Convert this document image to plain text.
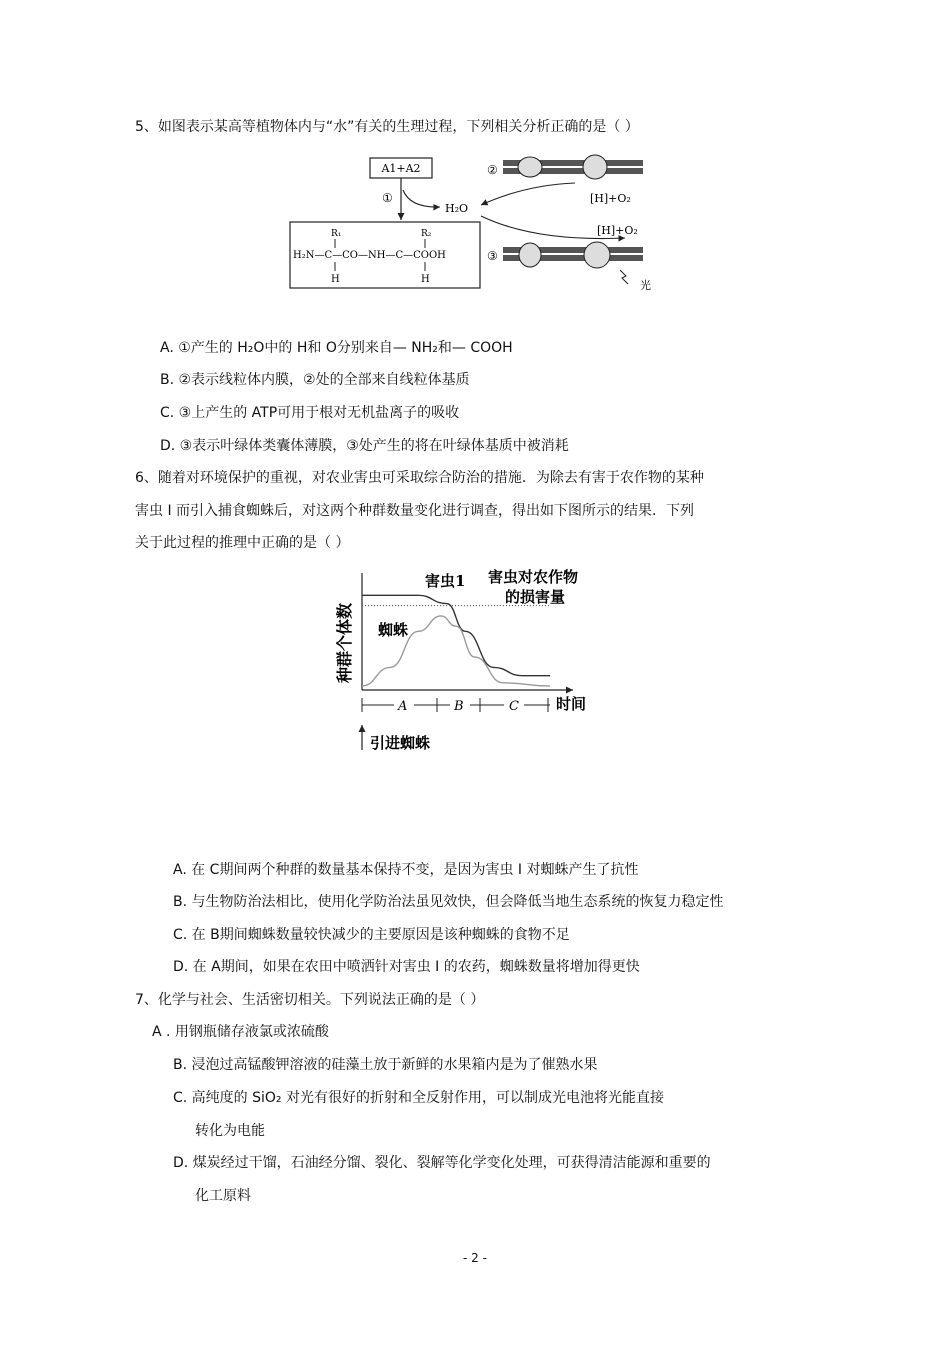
5、如图表示某高等植物体内与“水”有关的生理过程，下列相关分析正确的是（ ）
A1+A2
①
H₂O
R₁	R₂
H₂N—C—CO—NH—C—COOH
H	H
②
[H]+O₂
[H]+O₂
③
光
A. ①产生的 H₂O中的 H和 O分别来自— NH₂和— COOH
B. ②表示线粒体内膜，②处的全部来自线粒体基质
C. ③上产生的 ATP可用于根对无机盐离子的吸收
D. ③表示叶绿体类囊体薄膜，③处产生的将在叶绿体基质中被消耗
6、随着对环境保护的重视，对农业害虫可采取综合防治的措施．为除去有害于农作物的某种
害虫 Ⅰ 而引入捕食蜘蛛后，对这两个种群数量变化进行调查，得出如下图所示的结果．下列
关于此过程的推理中正确的是（ ）
种群个体数
时间
害虫1 害虫对农作物
的损害量
蜘蛛
A	B	C
引进蜘蛛
A. 在 C期间两个种群的数量基本保持不变，是因为害虫 Ⅰ 对蜘蛛产生了抗性
B. 与生物防治法相比，使用化学防治法虽见效快，但会降低当地生态系统的恢复力稳定性
C. 在 B期间蜘蛛数量较快减少的主要原因是该种蜘蛛的食物不足
D. 在 A期间，如果在农田中喷洒针对害虫 Ⅰ 的农药，蜘蛛数量将增加得更快
7、化学与社会、生活密切相关。下列说法正确的是（ ）
A . 用钢瓶储存液氯或浓硫酸
B. 浸泡过高锰酸钾溶液的硅藻土放于新鲜的水果箱内是为了催熟水果
C. 高纯度的 SiO₂ 对光有很好的折射和全反射作用，可以制成光电池将光能直接
转化为电能
D. 煤炭经过干馏，石油经分馏、裂化、裂解等化学变化处理，可获得清洁能源和重要的
化工原料
- 2 -
